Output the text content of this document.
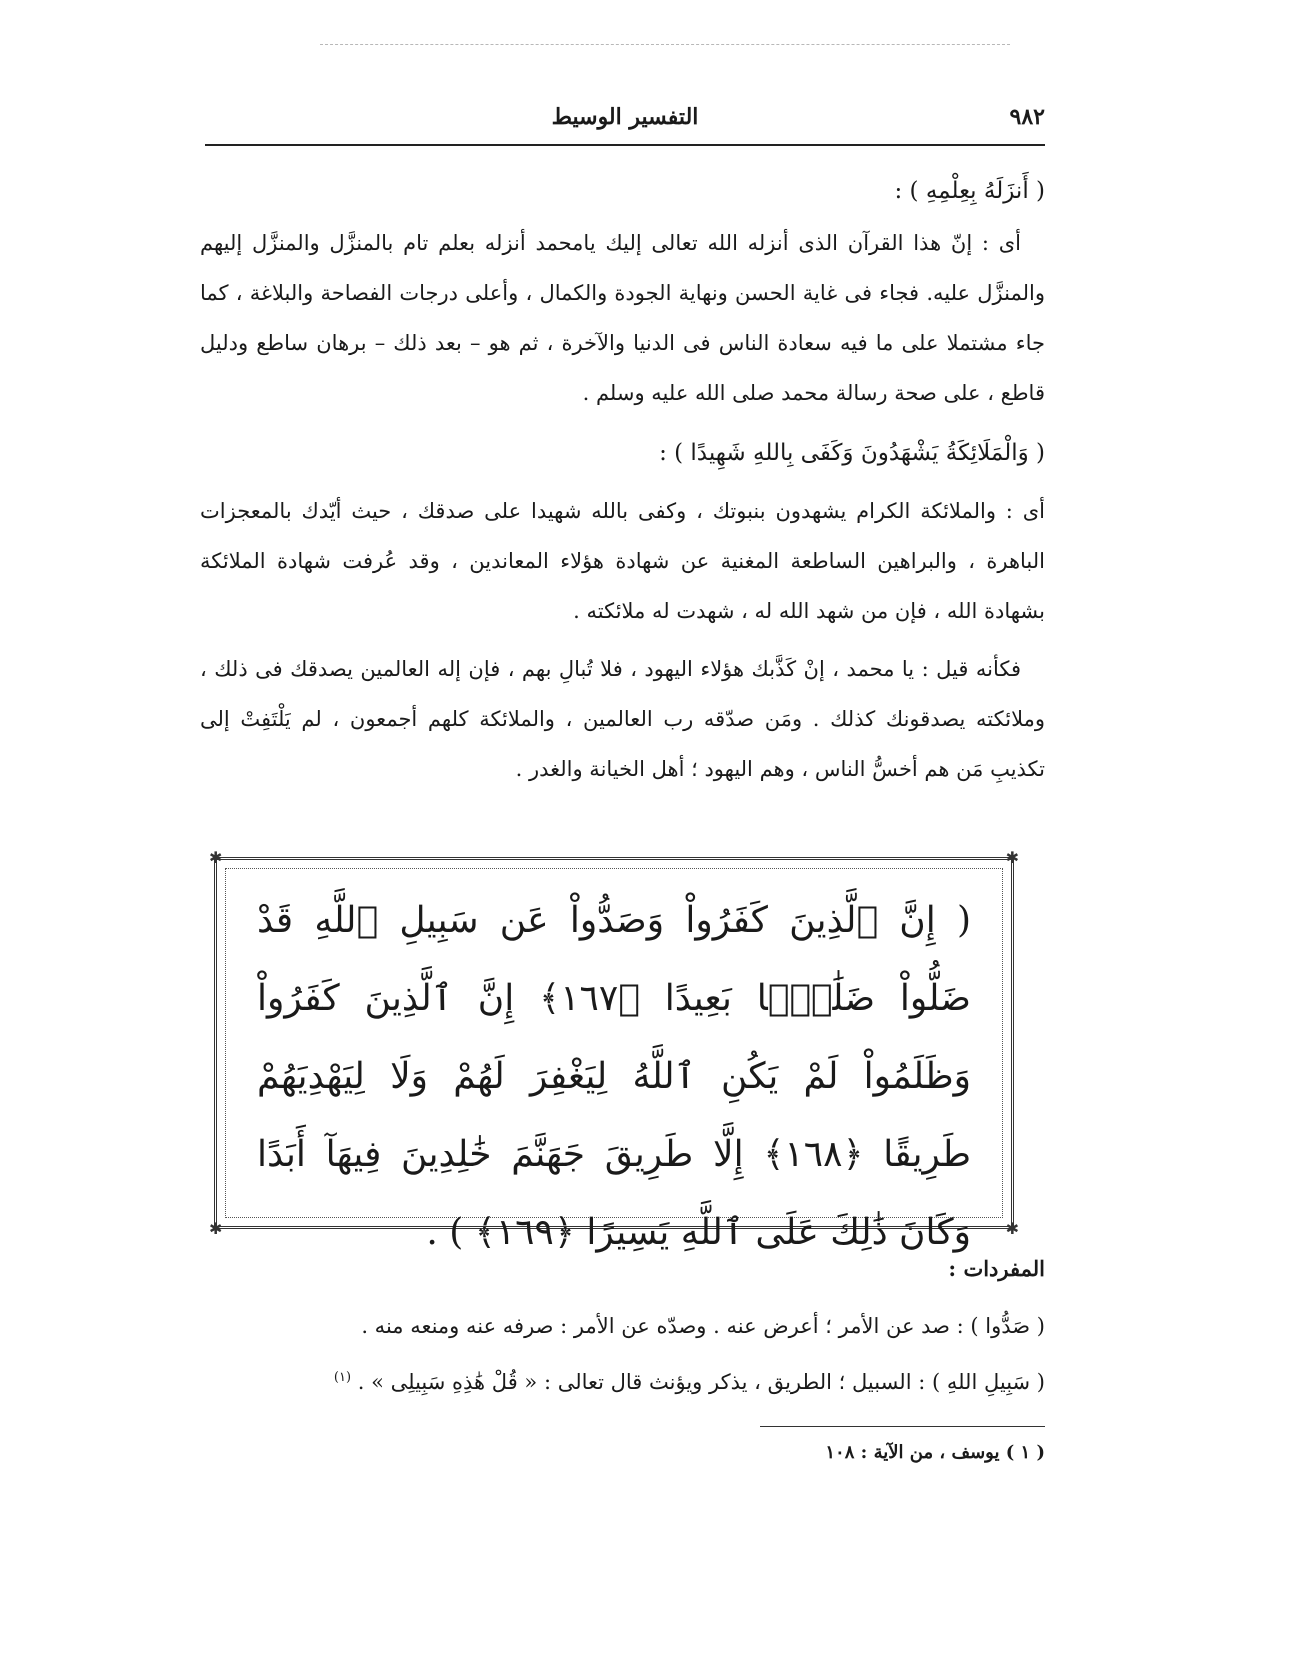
٩٨٢
التفسير الوسيط
( أَنزَلَهُ بِعِلْمِهِ ) :
أى : إنّ هذا القرآن الذى أنزله الله تعالى إليك يامحمد أنزله بعلم تام بالمنزَّل والمنزَّل إليهم والمنزَّل عليه. فجاء فى غاية الحسن ونهاية الجودة والكمال ، وأعلى درجات الفصاحة والبلاغة ، كما جاء مشتملا على ما فيه سعادة الناس فى الدنيا والآخرة ، ثم هو – بعد ذلك – برهان ساطع ودليل قاطع ، على صحة رسالة محمد صلى الله عليه وسلم .
( وَالْمَلَائِكَةُ يَشْهَدُونَ وَكَفَى بِاللهِ شَهِيدًا ) :
أى : والملائكة الكرام يشهدون بنبوتك ، وكفى بالله شهيدا على صدقك ، حيث أيّدك بالمعجزات الباهرة ، والبراهين الساطعة المغنية عن شهادة هؤلاء المعاندين ، وقد عُرفت شهادة الملائكة بشهادة الله ، فإن من شهد الله له ، شهدت له ملائكته .
فكأنه قيل : يا محمد ، إنْ كَذَّبك هؤلاء اليهود ، فلا تُبالِ بهم ، فإن إله العالمين يصدقك فى ذلك ، وملائكته يصدقونك كذلك . ومَن صدّقه رب العالمين ، والملائكة كلهم أجمعون ، لم يَلْتَفِتْ إلى تكذيبِ مَن هم أخسُّ الناس ، وهم اليهود ؛ أهل الخيانة والغدر .
✱	✱
✱	✱
( إِنَّ ٱلَّذِينَ كَفَرُواْ وَصَدُّواْ عَن سَبِيلِ ٱللَّهِ قَدْ ضَلُّواْ ضَلَٰلًۢا بَعِيدًا ﴿١٦٧﴾ إِنَّ ٱلَّذِينَ كَفَرُواْ وَظَلَمُواْ لَمْ يَكُنِ ٱللَّهُ لِيَغْفِرَ لَهُمْ وَلَا لِيَهْدِيَهُمْ طَرِيقًا ﴿١٦٨﴾ إِلَّا طَرِيقَ جَهَنَّمَ خَٰلِدِينَ فِيهَآ أَبَدًا وَكَانَ ذَٰلِكَ عَلَى ٱللَّهِ يَسِيرًا ﴿١٦٩﴾ ) .
المفردات :
( صَدُّوا ) : صد عن الأمر ؛ أعرض عنه . وصدّه عن الأمر : صرفه عنه ومنعه منه .
( سَبِيلِ اللهِ ) : السبيل ؛ الطريق ، يذكر ويؤنث قال تعالى : « قُلْ هَٰذِهِ سَبِيلِى » . $^{(١)}$
( ١ ) يوسف ، من الآية : ١٠٨
